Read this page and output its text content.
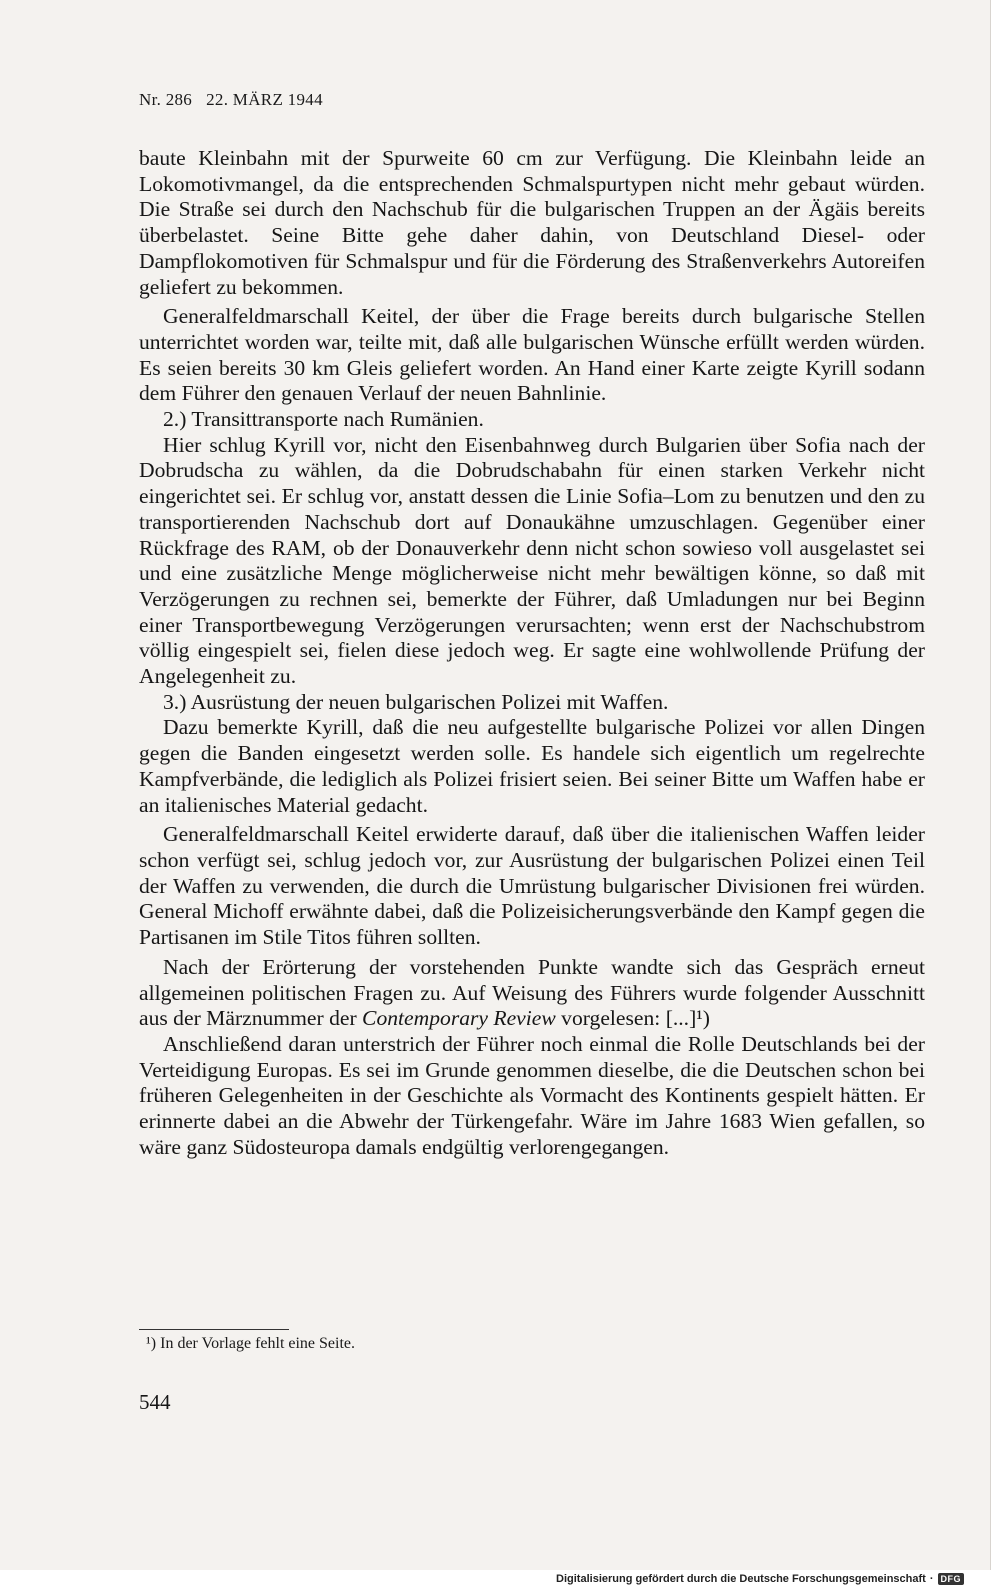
Nr. 286 22. MÄRZ 1944

baute Kleinbahn mit der Spurweite 60 cm zur Verfügung. Die Kleinbahn leide an Lokomotivmangel, da die entsprechenden Schmalspurtypen nicht mehr gebaut würden. Die Straße sei durch den Nachschub für die bulgarischen Truppen an der Ägäis bereits überbelastet. Seine Bitte gehe daher dahin, von Deutschland Diesel- oder Dampflokomotiven für Schmalspur und für die Förderung des Straßenverkehrs Autoreifen geliefert zu bekommen.

Generalfeldmarschall Keitel, der über die Frage bereits durch bulgarische Stellen unterrichtet worden war, teilte mit, daß alle bulgarischen Wünsche erfüllt werden würden. Es seien bereits 30 km Gleis geliefert worden. An Hand einer Karte zeigte Kyrill sodann dem Führer den genauen Verlauf der neuen Bahnlinie.

2.) Transittransporte nach Rumänien.

Hier schlug Kyrill vor, nicht den Eisenbahnweg durch Bulgarien über Sofia nach der Dobrudscha zu wählen, da die Dobrudschabahn für einen starken Verkehr nicht eingerichtet sei. Er schlug vor, anstatt dessen die Linie Sofia–Lom zu benutzen und den zu transportierenden Nachschub dort auf Donaukähne umzuschlagen. Gegenüber einer Rückfrage des RAM, ob der Donauverkehr denn nicht schon sowieso voll ausgelastet sei und eine zusätzliche Menge möglicherweise nicht mehr bewältigen könne, so daß mit Verzögerungen zu rechnen sei, bemerkte der Führer, daß Umladungen nur bei Beginn einer Transportbewegung Verzögerungen verursachten; wenn erst der Nachschubstrom völlig eingespielt sei, fielen diese jedoch weg. Er sagte eine wohlwollende Prüfung der Angelegenheit zu.

3.) Ausrüstung der neuen bulgarischen Polizei mit Waffen.

Dazu bemerkte Kyrill, daß die neu aufgestellte bulgarische Polizei vor allen Dingen gegen die Banden eingesetzt werden solle. Es handele sich eigentlich um regelrechte Kampfverbände, die lediglich als Polizei frisiert seien. Bei seiner Bitte um Waffen habe er an italienisches Material gedacht.

Generalfeldmarschall Keitel erwiderte darauf, daß über die italienischen Waffen leider schon verfügt sei, schlug jedoch vor, zur Ausrüstung der bulgarischen Polizei einen Teil der Waffen zu verwenden, die durch die Umrüstung bulgarischer Divisionen frei würden. General Michoff erwähnte dabei, daß die Polizeisicherungsverbände den Kampf gegen die Partisanen im Stile Titos führen sollten.

Nach der Erörterung der vorstehenden Punkte wandte sich das Gespräch erneut allgemeinen politischen Fragen zu. Auf Weisung des Führers wurde folgender Ausschnitt aus der Märznummer der Contemporary Review vorgelesen: [...]¹)

Anschließend daran unterstrich der Führer noch einmal die Rolle Deutschlands bei der Verteidigung Europas. Es sei im Grunde genommen dieselbe, die die Deutschen schon bei früheren Gelegenheiten in der Geschichte als Vormacht des Kontinents gespielt hätten. Er erinnerte dabei an die Abwehr der Türkengefahr. Wäre im Jahre 1683 Wien gefallen, so wäre ganz Südosteuropa damals endgültig verlorengegangen.

¹) In der Vorlage fehlt eine Seite.
544
Digitalisierung gefördert durch die Deutsche Forschungsgemeinschaft · DFG
